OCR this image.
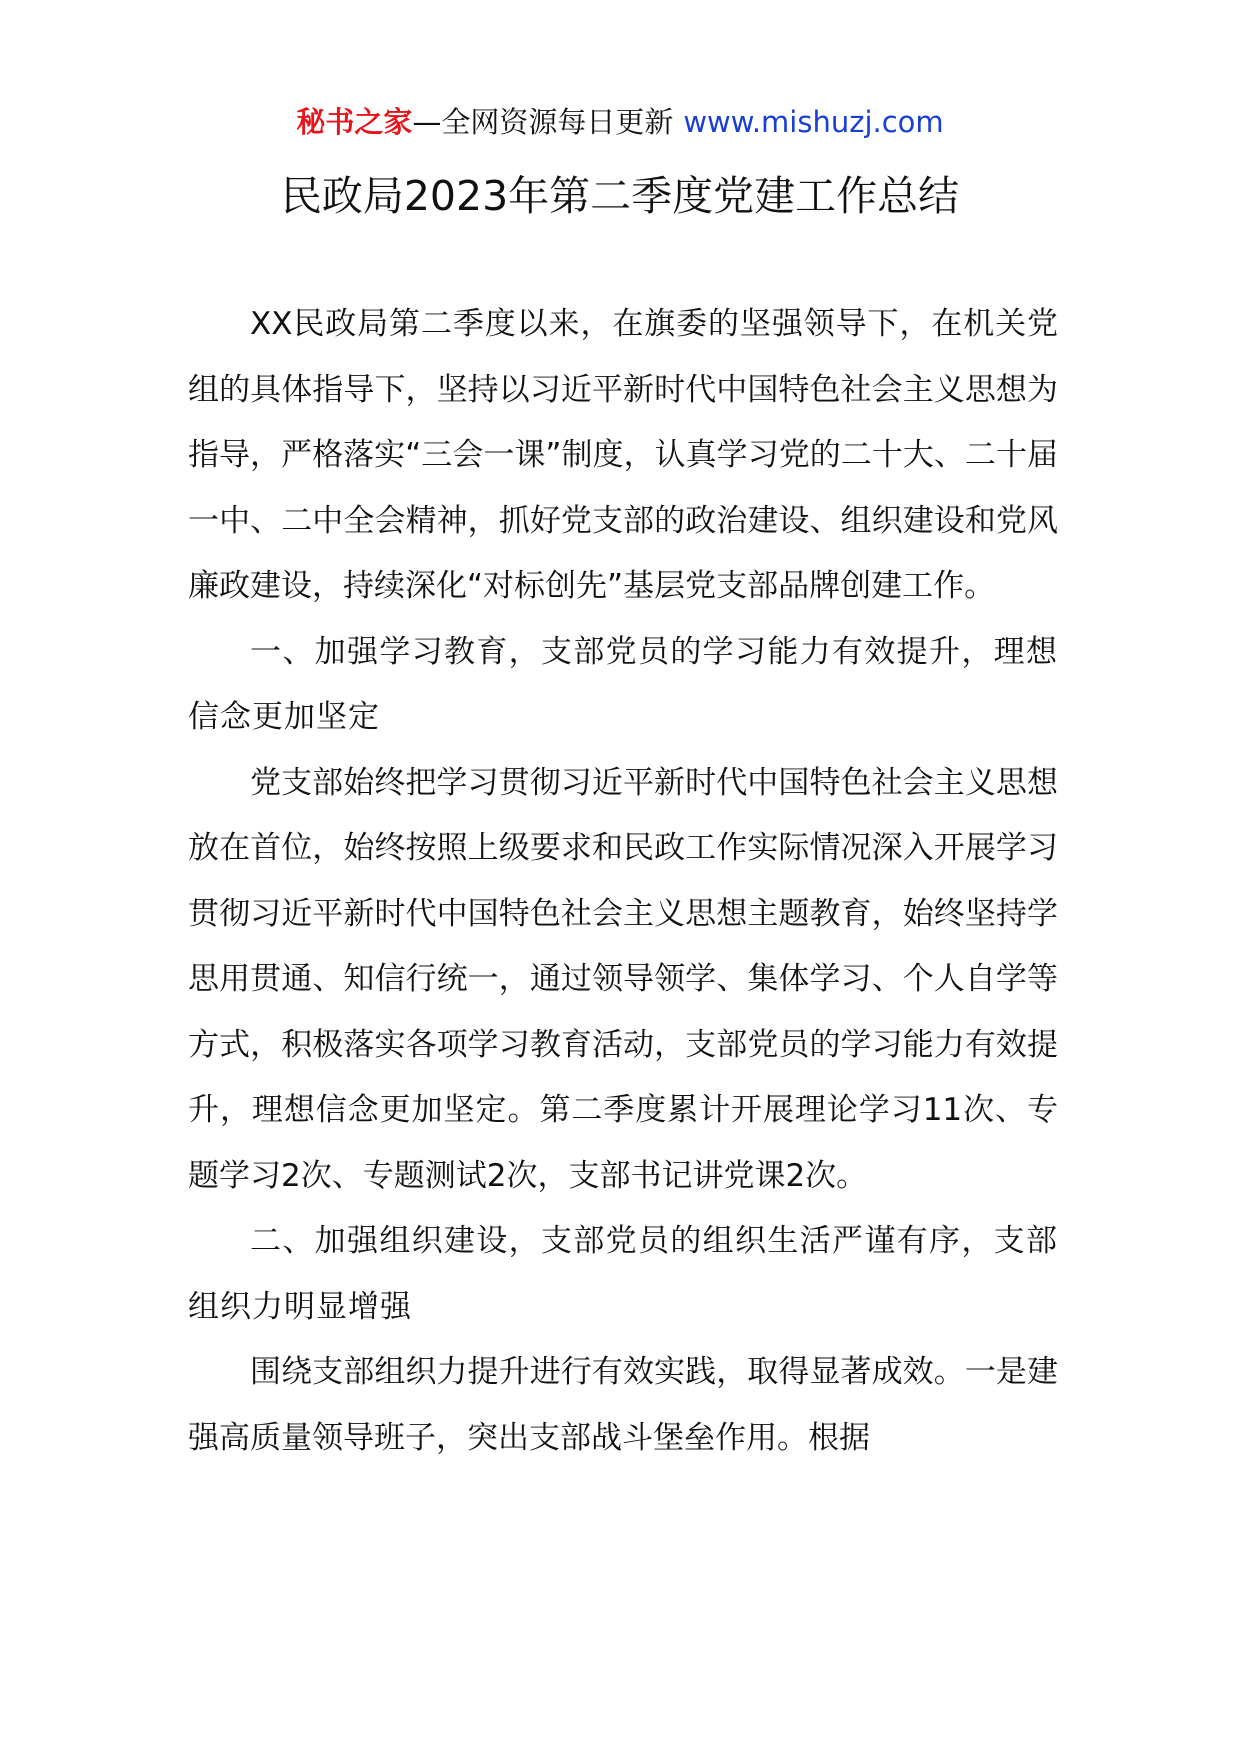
秘书之家—全网资源每日更新 www.mishuzj.com
民政局2023年第二季度党建工作总结

XX民政局第二季度以来，在旗委的坚强领导下，在机关党组的具体指导下，坚持以习近平新时代中国特色社会主义思想为指导，严格落实“三会一课”制度，认真学习党的二十大、二十届一中、二中全会精神，抓好党支部的政治建设、组织建设和党风廉政建设，持续深化“对标创先”基层党支部品牌创建工作。

一、加强学习教育，支部党员的学习能力有效提升，理想信念更加坚定

党支部始终把学习贯彻习近平新时代中国特色社会主义思想放在首位，始终按照上级要求和民政工作实际情况深入开展学习贯彻习近平新时代中国特色社会主义思想主题教育，始终坚持学思用贯通、知信行统一，通过领导领学、集体学习、个人自学等方式，积极落实各项学习教育活动，支部党员的学习能力有效提升，理想信念更加坚定。第二季度累计开展理论学习11次、专题学习2次、专题测试2次，支部书记讲党课2次。

二、加强组织建设，支部党员的组织生活严谨有序，支部组织力明显增强

围绕支部组织力提升进行有效实践，取得显著成效。一是建强高质量领导班子，突出支部战斗堡垒作用。根据
